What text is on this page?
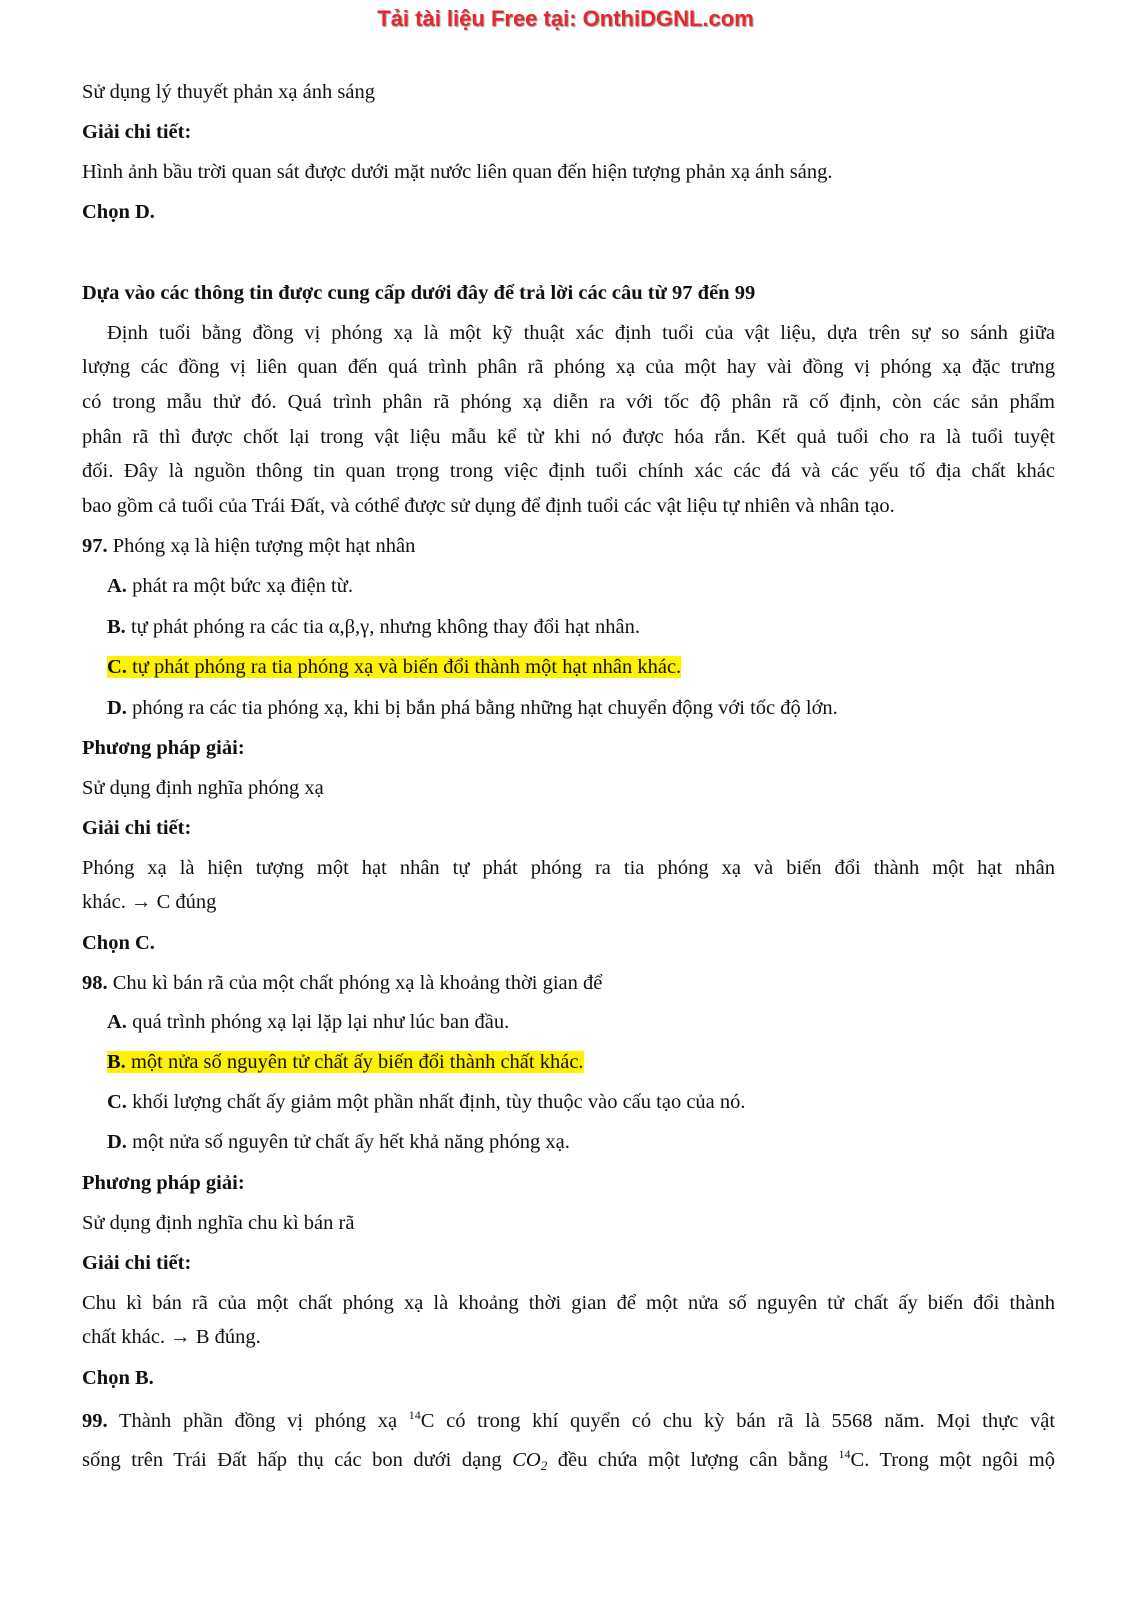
Tải tài liệu Free tại: OnthiDGNL.com
Sử dụng lý thuyết phản xạ ánh sáng
Giải chi tiết:
Hình ảnh bầu trời quan sát được dưới mặt nước liên quan đến hiện tượng phản xạ ánh sáng.
Chọn D.
Dựa vào các thông tin được cung cấp dưới đây để trả lời các câu từ 97 đến 99
Định tuổi bằng đồng vị phóng xạ là một kỹ thuật xác định tuổi của vật liệu, dựa trên sự so sánh giữa
lượng các đồng vị liên quan đến quá trình phân rã phóng xạ của một hay vài đồng vị phóng xạ đặc trưng
có trong mẫu thử đó. Quá trình phân rã phóng xạ diễn ra với tốc độ phân rã cố định, còn các sản phẩm
phân rã thì được chốt lại trong vật liệu mẫu kể từ khi nó được hóa rắn. Kết quả tuổi cho ra là tuổi tuyệt
đối. Đây là nguồn thông tin quan trọng trong việc định tuổi chính xác các đá và các yếu tố địa chất khác
bao gồm cả tuổi của Trái Đất, và cóthể được sử dụng để định tuổi các vật liệu tự nhiên và nhân tạo.
97. Phóng xạ là hiện tượng một hạt nhân
A. phát ra một bức xạ điện từ.
B. tự phát phóng ra các tia α,β,γ, nhưng không thay đổi hạt nhân.
C. tự phát phóng ra tia phóng xạ và biến đổi thành một hạt nhân khác.
D. phóng ra các tia phóng xạ, khi bị bắn phá bằng những hạt chuyển động với tốc độ lớn.
Phương pháp giải:
Sử dụng định nghĩa phóng xạ
Giải chi tiết:
Phóng xạ là hiện tượng một hạt nhân tự phát phóng ra tia phóng xạ và biến đổi thành một hạt nhân
khác. → C đúng
Chọn C.
98. Chu kì bán rã của một chất phóng xạ là khoảng thời gian để
A. quá trình phóng xạ lại lặp lại như lúc ban đầu.
B. một nửa số nguyên tử chất ấy biến đổi thành chất khác.
C. khối lượng chất ấy giảm một phần nhất định, tùy thuộc vào cấu tạo của nó.
D. một nửa số nguyên tử chất ấy hết khả năng phóng xạ.
Phương pháp giải:
Sử dụng định nghĩa chu kì bán rã
Giải chi tiết:
Chu kì bán rã của một chất phóng xạ là khoảng thời gian để một nửa số nguyên tử chất ấy biến đổi thành
chất khác. → B đúng.
Chọn B.
99. Thành phần đồng vị phóng xạ $^{14}$C có trong khí quyển có chu kỳ bán rã là 5568 năm. Mọi thực vật
sống trên Trái Đất hấp thụ các bon dưới dạng $CO_2$ đều chứa một lượng cân bằng $^{14}$C. Trong một ngôi mộ
